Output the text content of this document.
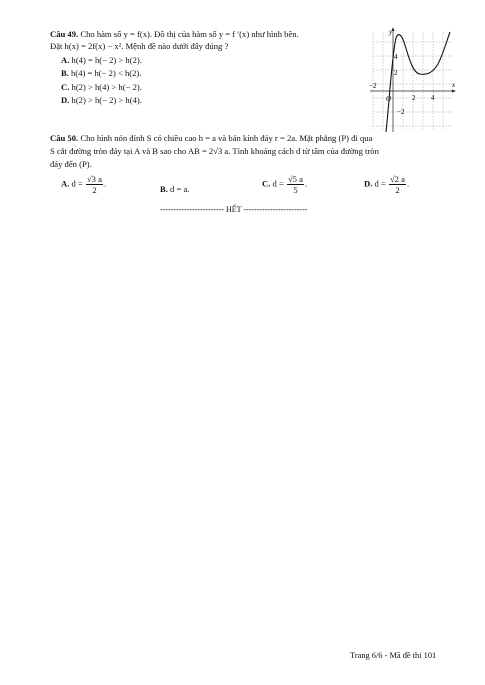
Câu 49. Cho hàm số y = f(x). Đồ thị của hàm số y = f ′(x) như hình bên.
Đặt h(x) = 2f(x) − x². Mệnh đề nào dưới đây đúng ?
A. h(4) = h(− 2) > h(2).
B. h(4) = h(− 2) < h(2).
C. h(2) > h(4) > h(− 2).
D. h(2) > h(− 2) > h(4).
y
x
O
4
2
−2
2 4
−2
Câu 50. Cho hình nón đỉnh S có chiều cao h = a và bán kính đáy r = 2a. Mặt phẳng (P) đi qua
S cắt đường tròn đáy tại A và B sao cho AB = 2√3 a. Tính khoảng cách d từ tâm của đường tròn
đáy đến (P).
A. $d = \frac{√3 a}{2}$ .
B. d = a.
C. $d = \frac{√5 a}{5}$ .	D. $d = \frac{√2 a}{2}$ .
------------------------ HẾT ------------------------
Trang 6/6 - Mã đề thi 101
